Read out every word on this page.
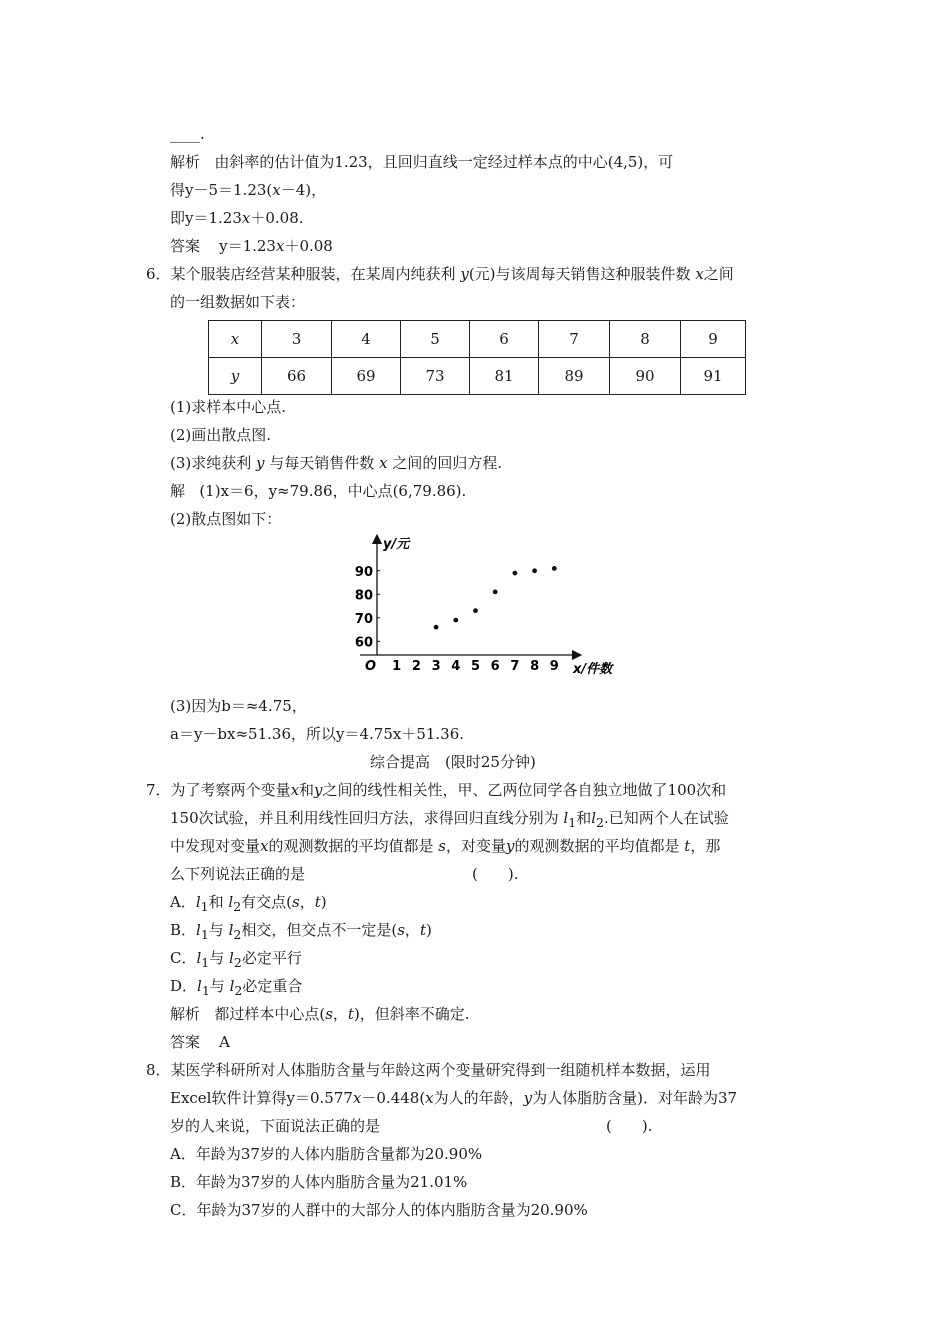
____.
解析 由斜率的估计值为1.23，且回归直线一定经过样本点的中心(4,5)，可
得y－5＝1.23(x－4)，
即y＝1.23x＋0.08.
答案 y＝1.23x＋0.08
6．某个服装店经营某种服装，在某周内纯获利 y(元)与该周每天销售这种服装件数 x之间
的一组数据如下表：
x	3	4	5	6	7	8	9
y	66	69	73	81	89	90	91
(1)求样本中心点.
(2)画出散点图.
(3)求纯获利 y 与每天销售件数 x 之间的回归方程.
解 (1)x＝6，y≈79.86，中心点(6,79.86).
(2)散点图如下：
y/元
x/件数
O 1 2 3 4 5 6 7 8 9
60
70
80
90
(3)因为b＝≈4.75，
a＝y－bx≈51.36，所以y＝4.75x＋51.36.
综合提高　(限时25分钟)
7．为了考察两个变量x和y之间的线性相关性，甲、乙两位同学各自独立地做了100次和
150次试验，并且利用线性回归方法，求得回归直线分别为 $l_1$和$l_2$.已知两个人在试验
中发现对变量x的观测数据的平均值都是 s，对变量y的观测数据的平均值都是 t，那
么下列说法正确的是	(　　).
A．$l_1$和 $l_2$有交点(s，t)
B．$l_1$与 $l_2$相交，但交点不一定是(s，t)
C．$l_1$与 $l_2$必定平行
D．$l_1$与 $l_2$必定重合
解析 都过样本中心点(s，t)，但斜率不确定.
答案 A
8．某医学科研所对人体脂肪含量与年龄这两个变量研究得到一组随机样本数据，运用
Excel软件计算得y＝0.577x－0.448(x为人的年龄，y为人体脂肪含量)．对年龄为37
岁的人来说，下面说法正确的是	(　　).
A．年龄为37岁的人体内脂肪含量都为20.90%
B．年龄为37岁的人体内脂肪含量为21.01%
C．年龄为37岁的人群中的大部分人的体内脂肪含量为20.90%
